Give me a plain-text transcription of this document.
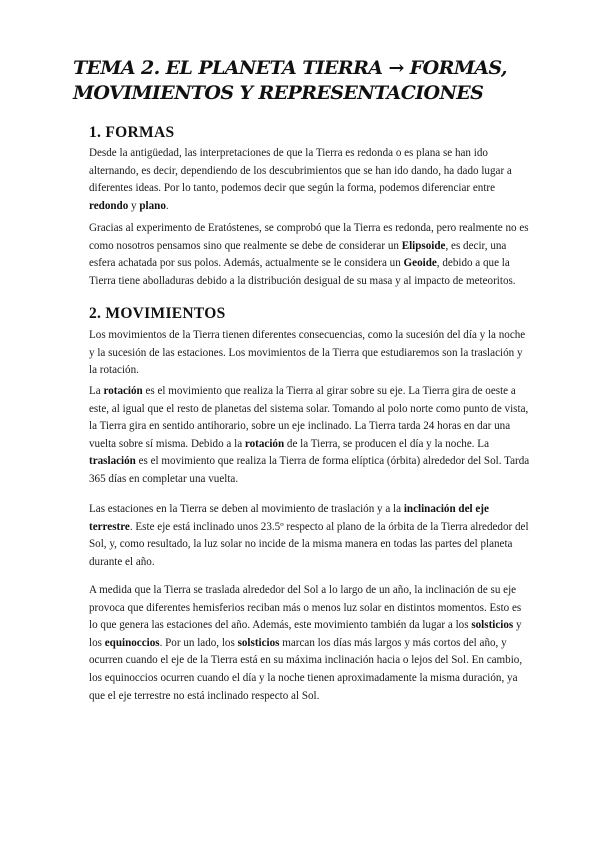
TEMA 2. EL PLANETA TIERRA → FORMAS, MOVIMIENTOS Y REPRESENTACIONES
1. FORMAS

Desde la antigüedad, las interpretaciones de que la Tierra es redonda o es plana se han ido alternando, es decir, dependiendo de los descubrimientos que se han ido dando, ha dado lugar a diferentes ideas. Por lo tanto, podemos decir que según la forma, podemos diferenciar entre redondo y plano.

Gracias al experimento de Eratóstenes, se comprobó que la Tierra es redonda, pero realmente no es como nosotros pensamos sino que realmente se debe de considerar un Elipsoide, es decir, una esfera achatada por sus polos. Además, actualmente se le considera un Geoide, debido a que la Tierra tiene abolladuras debido a la distribución desigual de su masa y al impacto de meteoritos.

2. MOVIMIENTOS

Los movimientos de la Tierra tienen diferentes consecuencias, como la sucesión del día y la noche y la sucesión de las estaciones. Los movimientos de la Tierra que estudiaremos son la traslación y la rotación.

La rotación es el movimiento que realiza la Tierra al girar sobre su eje. La Tierra gira de oeste a este, al igual que el resto de planetas del sistema solar. Tomando al polo norte como punto de vista, la Tierra gira en sentido antihorario, sobre un eje inclinado. La Tierra tarda 24 horas en dar una vuelta sobre sí misma. Debido a la rotación de la Tierra, se producen el día y la noche. La traslación es el movimiento que realiza la Tierra de forma elíptica (órbita) alrededor del Sol. Tarda 365 días en completar una vuelta.

Las estaciones en la Tierra se deben al movimiento de traslación y a la inclinación del eje terrestre. Este eje está inclinado unos 23.5º respecto al plano de la órbita de la Tierra alrededor del Sol, y, como resultado, la luz solar no incide de la misma manera en todas las partes del planeta durante el año.

A medida que la Tierra se traslada alrededor del Sol a lo largo de un año, la inclinación de su eje provoca que diferentes hemisferios reciban más o menos luz solar en distintos momentos. Esto es lo que genera las estaciones del año. Además, este movimiento también da lugar a los solsticios y los equinoccios. Por un lado, los solsticios marcan los días más largos y más cortos del año, y ocurren cuando el eje de la Tierra está en su máxima inclinación hacia o lejos del Sol. En cambio, los equinoccios ocurren cuando el día y la noche tienen aproximadamente la misma duración, ya que el eje terrestre no está inclinado respecto al Sol.
